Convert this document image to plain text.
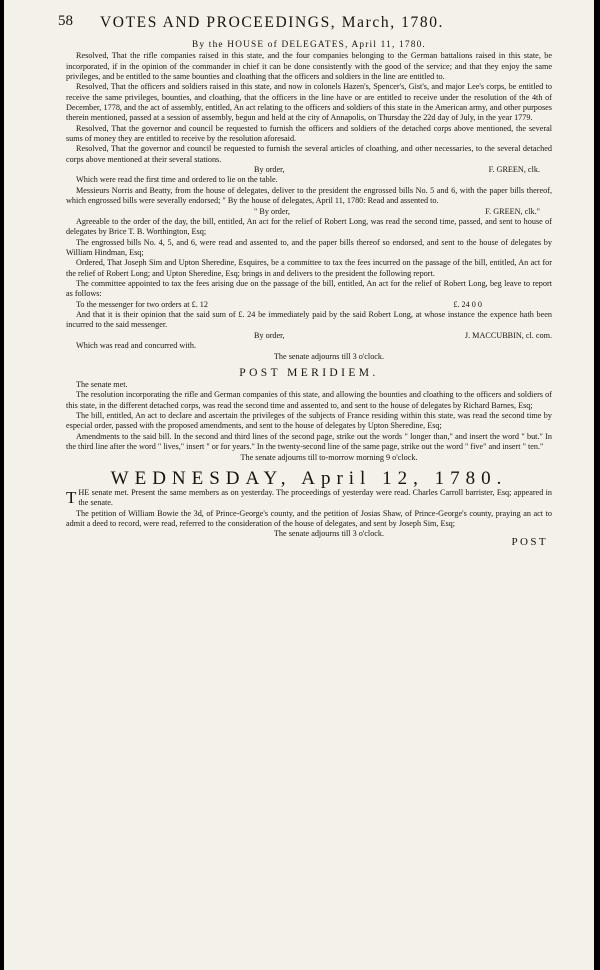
58 VOTES AND PROCEEDINGS, March, 1780.
By the HOUSE of DELEGATES, April 11, 1780.

Resolved, That the rifle companies raised in this state, and the four companies belonging to the German battalions raised in this state, be incorporated, if in the opinion of the commander in chief it can be done consistently with the good of the service; and that they enjoy the same privileges, and be entitled to the same bounties and cloathing that the officers and soldiers in the line are entitled to.

Resolved, That the officers and soldiers raised in this state, and now in colonels Hazen's, Spencer's, Gist's, and major Lee's corps, be entitled to receive the same privileges, bounties, and cloathing, that the officers in the line have or are entitled to receive under the resolution of the 4th of December, 1778, and the act of assembly, entitled, An act relating to the officers and soldiers of this state in the American army, and other purposes therein mentioned, passed at a session of assembly, begun and held at the city of Annapolis, on Thursday the 22d day of July, in the year 1779.

Resolved, That the governor and council be requested to furnish the officers and soldiers of the detached corps above mentioned, the several sums of money they are entitled to receive by the resolution aforesaid.

Resolved, That the governor and council be requested to furnish the several articles of cloathing, and other necessaries, to the several detached corps above mentioned at their several stations.

By order,	F. GREEN, clk.

Which were read the first time and ordered to lie on the table.

Messieurs Norris and Beatty, from the house of delegates, deliver to the president the engrossed bills No. 5 and 6, with the paper bills thereof, which engrossed bills were severally endorsed; " By the house of delegates, April 11, 1780: Read and assented to.

" By order,	F. GREEN, clk."

Agreeable to the order of the day, the bill, entitled, An act for the relief of Robert Long, was read the second time, passed, and sent to house of delegates by Brice T. B. Worthington, Esq;

The engrossed bills No. 4, 5, and 6, were read and assented to, and the paper bills thereof so endorsed, and sent to the house of delegates by William Hindman, Esq;

Ordered, That Joseph Sim and Upton Sheredine, Esquires, be a committee to tax the fees incurred on the passage of the bill, entitled, An act for the relief of Robert Long; and Upton Sheredine, Esq; brings in and delivers to the president the following report.

The committee appointed to tax the fees arising due on the passage of the bill, entitled, An act for the relief of Robert Long, beg leave to report as follows:

To the messenger for two orders at £. 12	£. 24 0 0

And that it is their opinion that the said sum of £. 24 be immediately paid by the said Robert Long, at whose instance the expence hath been incurred to the said messenger.

By order,	J. MACCUBBIN, cl. com.

Which was read and concurred with.

The senate adjourns till 3 o'clock.
POST MERIDIEM.

The senate met.

The resolution incorporating the rifle and German companies of this state, and allowing the bounties and cloathing to the officers and soldiers of this state, in the different detached corps, was read the second time and assented to, and sent to the house of delegates by Richard Barnes, Esq;

The bill, entitled, An act to declare and ascertain the privileges of the subjects of France residing within this state, was read the second time by especial order, passed with the proposed amendments, and sent to the house of delegates by Upton Sheredine, Esq;

Amendments to the said bill. In the second and third lines of the second page, strike out the words " longer than," and insert the word " but." In the third line after the word " lives," insert " or for years." In the twenty-second line of the same page, strike out the word " five" and insert " ten."

The senate adjourns till to-morrow morning 9 o'clock.
WEDNESDAY, April 12, 1780.

THE senate met. Present the same members as on yesterday. The proceedings of yesterday were read. Charles Carroll barrister, Esq; appeared in the senate.

The petition of William Bowie the 3d, of Prince-George's county, and the petition of Josias Shaw, of Prince-George's county, praying an act to admit a deed to record, were read, referred to the consideration of the house of delegates, and sent by Joseph Sim, Esq;

The senate adjourns till 3 o'clock.
POST
